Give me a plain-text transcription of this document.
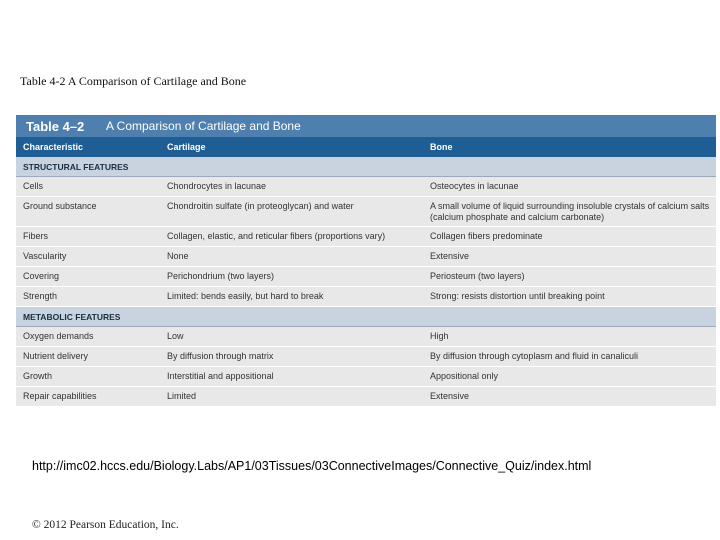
Table 4-2 A Comparison of Cartilage and Bone
Table 4–2	A Comparison of Cartilage and Bone
Characteristic	Cartilage	Bone
STRUCTURAL FEATURES
Cells	Chondrocytes in lacunae	Osteocytes in lacunae
Ground substance	Chondroitin sulfate (in proteoglycan) and water	A small volume of liquid surrounding insoluble crystals of calcium salts (calcium phosphate and calcium carbonate)
Fibers	Collagen, elastic, and reticular fibers (proportions vary)	Collagen fibers predominate
Vascularity	None	Extensive
Covering	Perichondrium (two layers)	Periosteum (two layers)
Strength	Limited: bends easily, but hard to break	Strong: resists distortion until breaking point
METABOLIC FEATURES
Oxygen demands	Low	High
Nutrient delivery	By diffusion through matrix	By diffusion through cytoplasm and fluid in canaliculi
Growth	Interstitial and appositional	Appositional only
Repair capabilities	Limited	Extensive
http://imc02.hccs.edu/Biology.Labs/AP1/03Tissues/03ConnectiveImages/Connective_Quiz/index.html
© 2012 Pearson Education, Inc.
